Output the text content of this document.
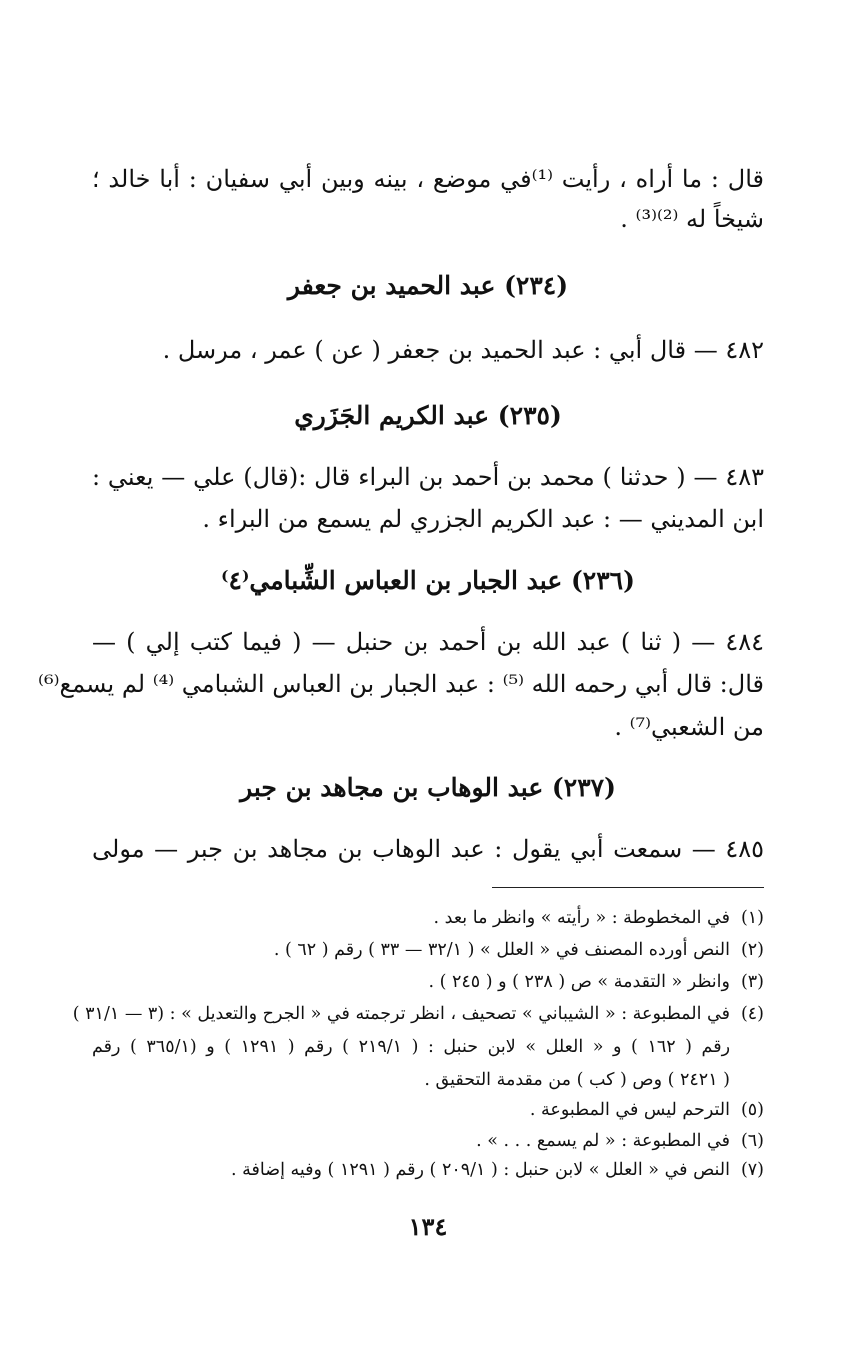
قال : ما أراه ، رأيت ⁽¹⁾في موضع ، بينه وبين أبي سفيان : أبا خالد ؛
شيخاً له ⁽²⁾⁽³⁾ .
(٢٣٤) عبد الحميد بن جعفر
٤٨٢ — قال أبي : عبد الحميد بن جعفر ( عن ) عمر ، مرسل .
(٢٣٥) عبد الكريم الجَزَري
٤٨٣ — ( حدثنا ) محمد بن أحمد بن البراء قال :(قال) علي — يعني :
ابن المديني — : عبد الكريم الجزري لم يسمع من البراء .
(٢٣٦) عبد الجبار بن العباس الشِّبامي⁽٤⁾
٤٨٤ — ( ثنا ) عبد الله بن أحمد بن حنبل — ( فيما كتب إلي ) —
قال: قال أبي رحمه الله ⁽⁵⁾ : عبد الجبار بن العباس الشبامي ⁽⁴⁾ لم يسمع⁽⁶⁾
من الشعبي⁽⁷⁾ .
(٢٣٧) عبد الوهاب بن مجاهد بن جبر
٤٨٥ — سمعت أبي يقول : عبد الوهاب بن مجاهد بن جبر — مولى
(١)في المخطوطة : « رأيته » وانظر ما بعد .
(٢)النص أورده المصنف في « العلل » ( ٣٢/١ — ٣٣ ) رقم ( ٦٢ ) .
(٣)وانظر « التقدمة » ص ( ٢٣٨ ) و ( ٢٤٥ ) .
(٤)في المطبوعة : « الشيباني » تصحيف ، انظر ترجمته في « الجرح والتعديل » : (٣ — ٣١/١ )
رقم ( ١٦٢ ) و « العلل » لابن حنبل : ( ٢١٩/١ ) رقم ( ١٢٩١ ) و (٣٦٥/١ ) رقم
( ٢٤٢١ ) وص ( كب ) من مقدمة التحقيق .
(٥)الترحم ليس في المطبوعة .
(٦)في المطبوعة : « لم يسمع . . . » .
(٧)النص في « العلل » لابن حنبل : ( ٢٠٩/١ ) رقم ( ١٢٩١ ) وفيه إضافة .
١٣٤
